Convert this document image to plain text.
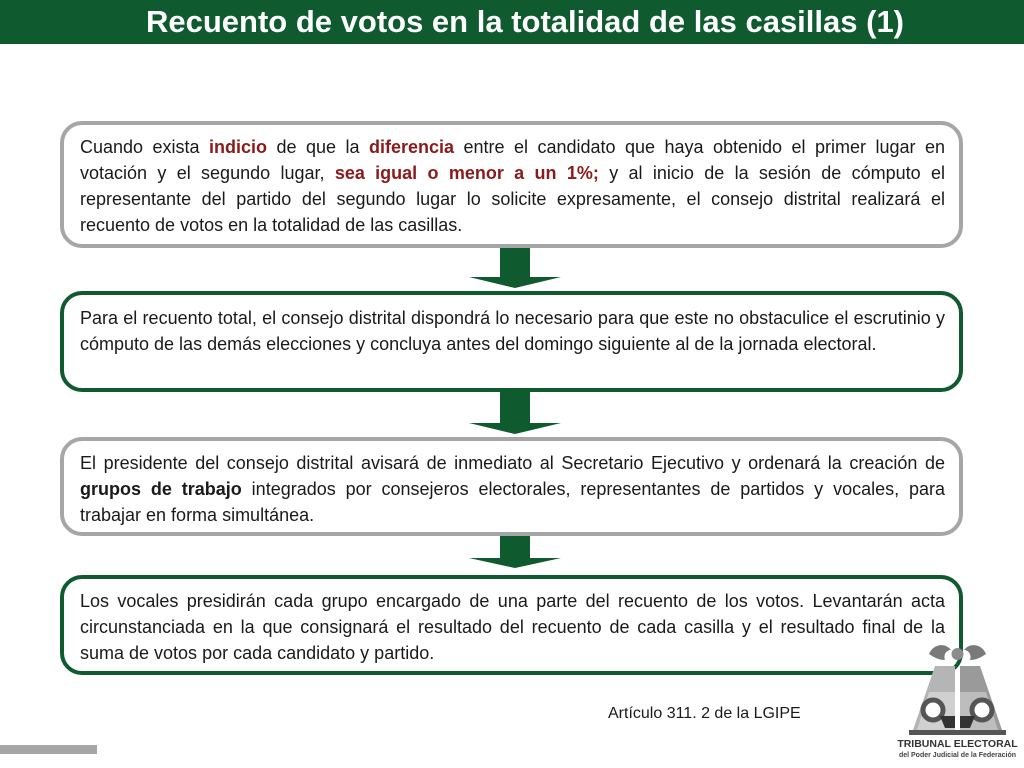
Recuento de votos en la totalidad de las casillas (1)

Cuando exista indicio de que la diferencia entre el candidato que haya obtenido el primer lugar en votación y el segundo lugar, sea igual o menor a un 1%; y al inicio de la sesión de cómputo el representante del partido del segundo lugar lo solicite expresamente, el consejo distrital realizará el recuento de votos en la totalidad de las casillas.

Para el recuento total, el consejo distrital dispondrá lo necesario para que este no obstaculice el escrutinio y cómputo de las demás elecciones y concluya antes del domingo siguiente al de la jornada electoral.

El presidente del consejo distrital avisará de inmediato al Secretario Ejecutivo y ordenará la creación de grupos de trabajo integrados por consejeros electorales, representantes de partidos y vocales, para trabajar en forma simultánea.

Los vocales presidirán cada grupo encargado de una parte del recuento de los votos. Levantarán acta circunstanciada en la que consignará el resultado del recuento de cada casilla y el resultado final de la suma de votos por cada candidato y partido.

Artículo 311. 2 de la LGIPE
TRIBUNAL ELECTORAL
del Poder Judicial de la Federación
